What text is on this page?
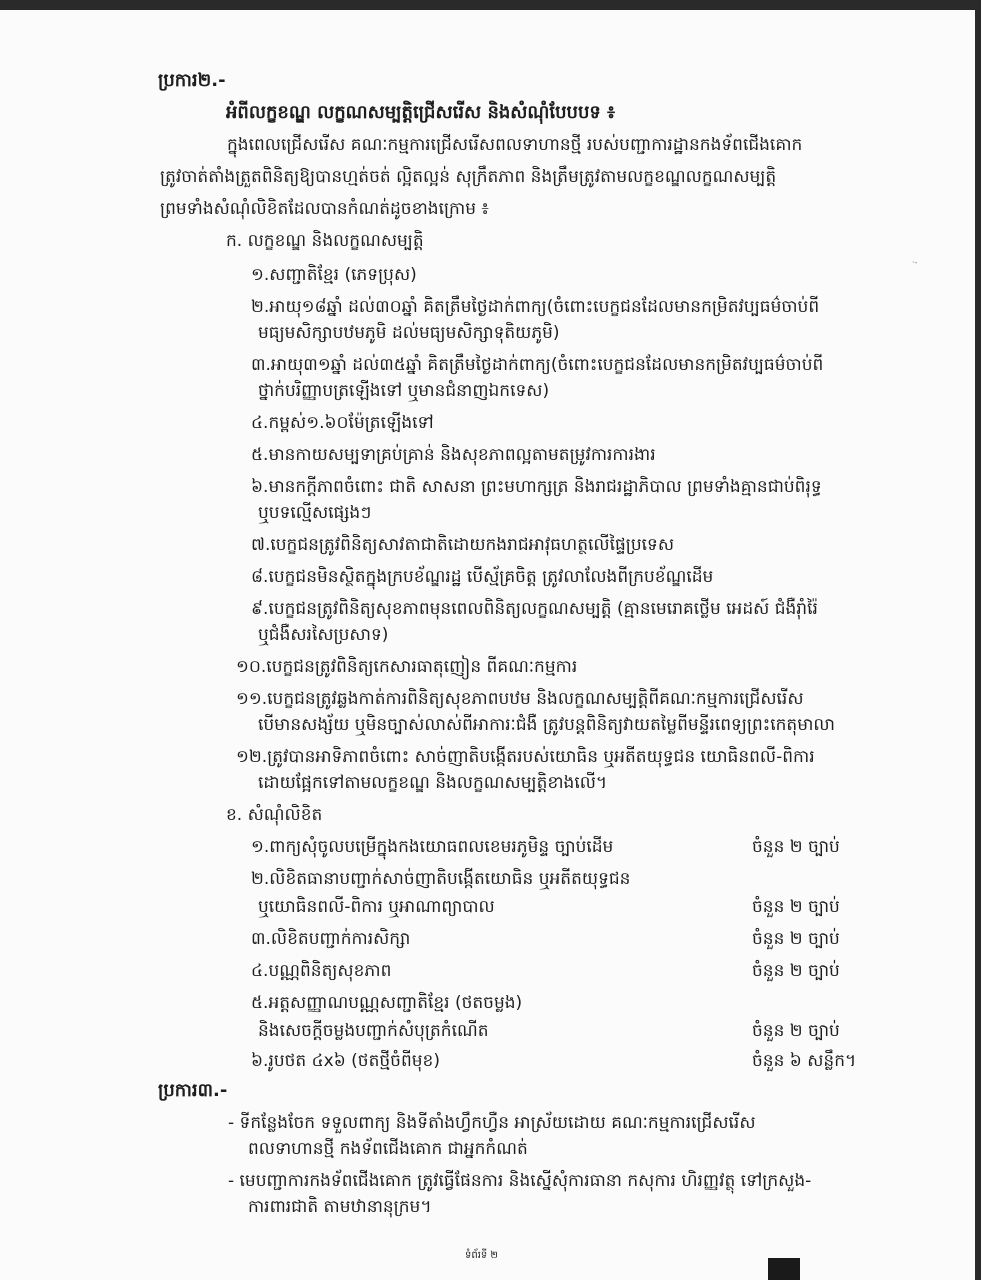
ប្រការ២.-
អំពីលក្ខខណ្ឌ លក្ខណសម្បត្តិជ្រើសរើស និងសំណុំបែបបទ ៖
ក្នុងពេលជ្រើសរើស គណៈកម្មការជ្រើសរើសពលទាហានថ្មី របស់បញ្ជាការដ្ឋានកងទ័ពជើងគោក
ត្រូវចាត់តាំងត្រួតពិនិត្យឱ្យបានហ្មត់ចត់ ល្អិតល្អន់ សុក្រឹតភាព និងត្រឹមត្រូវតាមលក្ខខណ្ឌលក្ខណសម្បត្តិ
ព្រមទាំងសំណុំលិខិតដែលបានកំណត់ដូចខាងក្រោម ៖
ក. លក្ខខណ្ឌ និងលក្ខណសម្បត្តិ
១.សញ្ជាតិខ្មែរ (ភេទប្រុស)
២.អាយុ១៨ឆ្នាំ ដល់៣០ឆ្នាំ គិតត្រឹមថ្ងៃដាក់ពាក្យ(ចំពោះបេក្ខជនដែលមានកម្រិតវប្បធម៌ចាប់ពី
មធ្យមសិក្សាបឋមភូមិ ដល់មធ្យមសិក្សាទុតិយភូមិ)
៣.អាយុ៣១ឆ្នាំ ដល់៣៥ឆ្នាំ គិតត្រឹមថ្ងៃដាក់ពាក្យ(ចំពោះបេក្ខជនដែលមានកម្រិតវប្បធម៌ចាប់ពី
ថ្នាក់បរិញ្ញាបត្រឡើងទៅ ឬមានជំនាញឯកទេស)
៤.កម្ពស់១.៦០ម៉ែត្រឡើងទៅ
៥.មានកាយសម្បទាគ្រប់គ្រាន់ និងសុខភាពល្អតាមតម្រូវការការងារ
៦.មានកក្តីភាពចំពោះ ជាតិ សាសនា ព្រះមហាក្សត្រ និងរាជរដ្ឋាភិបាល ព្រមទាំងគ្មានជាប់ពិរុទ្ធ
ឬបទល្មើសផ្សេងៗ
៧.បេក្ខជនត្រូវពិនិត្យសាវតាជាតិដោយកងរាជអាវុធហត្ថលើផ្ទៃប្រទេស
៨.បេក្ខជនមិនស្ថិតក្នុងក្របខ័ណ្ឌរដ្ឋ បើស្ម័គ្រចិត្ត ត្រូវលាលែងពីក្របខ័ណ្ឌដើម
៩.បេក្ខជនត្រូវពិនិត្យសុខភាពមុនពេលពិនិត្យលក្ខណសម្បត្តិ (គ្មានមេរោគថ្លើម អេដស៍ ជំងឺរ៉ាំរ៉ៃ
ឬជំងឺសរសៃប្រសាទ)
១០.បេក្ខជនត្រូវពិនិត្យកេសារធាតុញៀន ពីគណៈកម្មការ
១១.បេក្ខជនត្រូវឆ្លងកាត់ការពិនិត្យសុខភាពបឋម និងលក្ខណសម្បត្តិពីគណៈកម្មការជ្រើសរើស
បើមានសង្ស័យ ឬមិនច្បាស់លាស់ពីអាការៈជំងឺ ត្រូវបន្តពិនិត្យវាយតម្លៃពីមន្ទីរពេទ្យព្រះកេតុមាលា
១២.ត្រូវបានអាទិភាពចំពោះ សាច់ញាតិបង្កើតរបស់យោធិន ឬអតីតយុទ្ធជន យោធិនពលី-ពិការ
ដោយផ្អែកទៅតាមលក្ខខណ្ឌ និងលក្ខណសម្បត្តិខាងលើ។
ខ. សំណុំលិខិត
១.ពាក្យសុំចូលបម្រើក្នុងកងយោធពលខេមរភូមិន្ទ ច្បាប់ដើម	ចំនួន ២ ច្បាប់
២.លិខិតធានាបញ្ជាក់សាច់ញាតិបង្កើតយោធិន ឬអតីតយុទ្ធជន
ឬយោធិនពលី-ពិការ ឬអាណាព្យាបាល	ចំនួន ២ ច្បាប់
៣.លិខិតបញ្ជាក់ការសិក្សា	ចំនួន ២ ច្បាប់
៤.បណ្ណពិនិត្យសុខភាព	ចំនួន ២ ច្បាប់
៥.អត្តសញ្ញាណបណ្ណសញ្ជាតិខ្មែរ (ថតចម្លង)
និងសេចក្តីចម្លងបញ្ជាក់សំបុត្រកំណើត	ចំនួន ២ ច្បាប់
៦.រូបថត ៤x៦ (ថតថ្មីចំពីមុខ)	ចំនួន ៦ សន្លឹក។
ប្រការ៣.-
- ទីកន្លែងចែក ទទួលពាក្យ និងទីតាំងហ្វឹកហ្វឺន អាស្រ័យដោយ គណៈកម្មការជ្រើសរើស
ពលទាហានថ្មី កងទ័ពជើងគោក ជាអ្នកកំណត់
- មេបញ្ជាការកងទ័ពជើងគោក ត្រូវធ្វើផែនការ និងស្នើសុំការធានា កសុការ ហិរញ្ញវត្ថុ ទៅក្រសួង-
ការពារជាតិ តាមឋានានុក្រម។
ទំព័រទី ២
·-
